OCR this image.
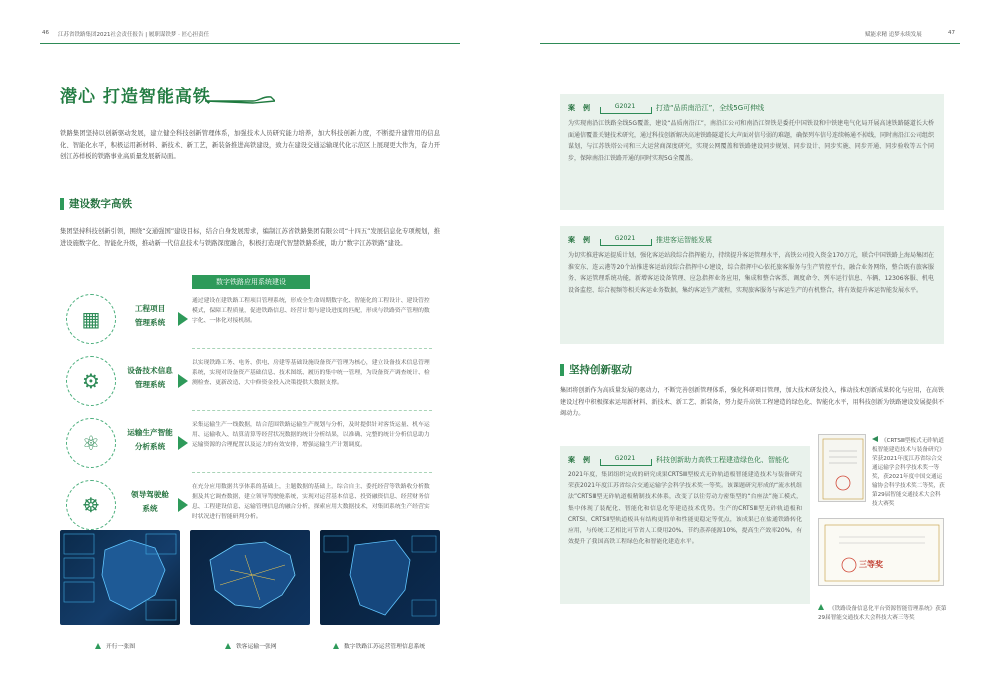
46 江苏省铁路集团2021社会责任报告 | 履职谋铁梦 · 匠心担责任
潜心 打造智能高铁
铁路集团坚持以创新驱动发展，建立健全科技创新管理体系，加强技术人员研究能力培养，加大科技创新力度，不断提升建管用的信息化、智能化水平，积极运用新材料、新技术、新工艺，新装备推进高铁建设，致力在建设交通运输现代化示范区上展现更大作为，奋力开创江苏样板的铁路事业高质量发展新局面。
建设数字高铁
集团坚持科技创新引领，围绕“交通强国”建设目标，结合自身发展需求，编制江苏省铁路集团有限公司“十四五”发展信息化专项规划，推进设施数字化、智能化升级，推动新一代信息技术与铁路深度融合，积极打造现代智慧铁路系统，助力“数字江苏铁路”建设。
数字铁路应用系统建设
▦	工程项目
管理系统
通过建设在建铁路工程项目管理系统，形成全生命周期数字化、智能化的工程设计、建设管控模式，保障工程质量，促进铁路信息、经营计划与建设进度的匹配，形成与铁路资产管理的数字化、一体化对接机制。
⚙	设备技术信息
管理系统
以实现铁路工务、电务、供电、房建等基础设施设备资产管理为核心，建立设备技术信息管理系统，实现对设备资产基础信息、技术图纸、履历的集中统一管理，为设备资产调查统计、检测检查、更新改造、大中修资金投入决策提供大数据支撑。
⚛	运输生产智能
分析系统
采集运输生产一线数据，结合范围铁路运输生产规划与分析，及时提供针对客货运量、机车运用、运输收入、结算清算等经营状况数据的统计分析结果，以准确、完整的统计分析信息助力运输资源的合理配置以及运力的有效安排，增强运输生产计划调度。
☸	领导驾驶舱
系统
在充分应用数据共享体系的基础上，主题数据的基础上，综合自主、委托经营等铁路收分析数据及其它调查数据，建立领导驾驶舱系统，实现对运营基本信息、投资融资信息、经营财务信息、工程建设信息、运输管理信息的融合分析，探索应用大数据技术，对集团系统生产经营实时状况进行智能研判分析。
开行一张图	铁客运输一张网	数字铁路江苏运营管理信息系统
赋能求精 追梦永续发展	47
案例	G2021	打造“品质南沿江”，全线5G可伸线
为实现南沿江铁路全线5G覆盖，建设“品质南沿江”，南沿江公司和南沿江智铁是委托中国铁设和中铁建电气化局开展高速铁路隧道长大桥面通信覆盖关键技术研究，通过科技创新解决高速铁路隧道长大声面对信号弱的难题，确保列车信号连续畅通不掉线，同时南沿江公司组织谋划，与江苏铁塔公司和三大运营商深度研究，实现公网覆盖和铁路建设同步规划、同步设计、同步实施、同步开通、同步验收等五个同步，保障南沿江铁路开通的同时实现5G全覆盖。
案例	G2021	推进客运智能发展
为切实推进客运提质计划，强化客运站段综合指挥能力，持续提升客运管理水平，高铁公司投入资金170万元，联合中国铁路上海局集团在淮安东、连云港等20个站推进客运站段综合指挥中心建设，综合指挥中心依托旅客服务与生产管控平台，融合业务网络，整合既有旅客服务、客运管理系统功能，新增客运设备管理、应急指挥业务应用，集成和整合客票、调度命令、列车运行信息、车辆、12306客服、机电设备监控、综合视频等相关客运业务数据，集约客运生产流程，实现旅客服务与客运生产的有机整合，将有效提升客运智能发展水平。
坚持创新驱动
集团将创新作为高质量发展的驱动力，不断完善创新管理体系，强化科研项目管理，加大技术研发投入，推动技术创新成果转化与应用，在高铁建设过程中积极探索运用新材料、新技术、新工艺、新装备，努力提升高铁工程建造的绿色化、智能化水平，用科技创新为铁路建设发展提供不竭动力。
案例	G2021	科技创新助力高铁工程建造绿色化、智能化
2021年度，集团组织完成的研究成果CRTSⅢ型板式无砟轨道板智能建造技术与装备研究荣获2021年度江苏省综合交通运输学会科学技术奖一等奖。该课题研究形成的“流水机组法”CRTSⅢ型无砟轨道板精制技术体系，改变了以往劳动力密集型的“台座法”施工模式，集中体现了装配化、智能化和信息化等建造技术优势。生产的CRTSⅢ型无砟轨道板和CRTSI、CRTSⅡ型轨道板具有结构更简单和性能更稳定等优点，该成果已在盐通铁路转化应用，与传统工艺相比可节省人工费用20%、节约蒸养能源10%，提高生产效率20%，有效提升了我国高铁工程绿色化和智能化建造水平。
《CRTSⅢ型板式无砟轨道板智能建造技术与装备研究》荣获2021年度江苏省综合交通运输学会科学技术奖一等奖，获2021年度中国交通运输协会科学技术奖二等奖，获第29届智能交通技术大会科技大赛奖
三等奖
《铁路设备信息化平台资源智能管理系统》获第29届智能交通技术大会科技大赛三等奖
